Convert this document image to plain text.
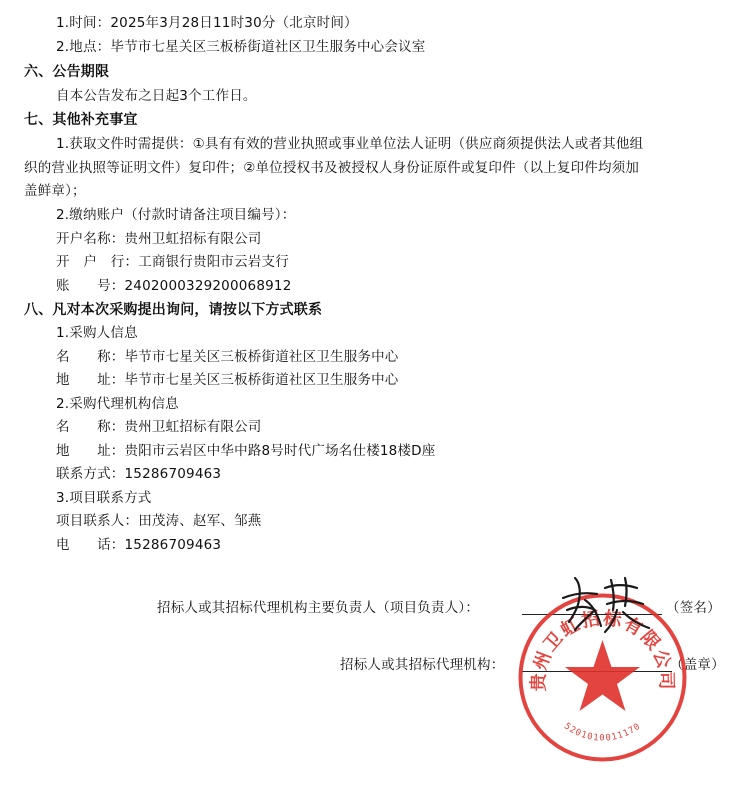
1.时间：2025年3月28日11时30分（北京时间）
2.地点：毕节市七星关区三板桥街道社区卫生服务中心会议室
六、公告期限
自本公告发布之日起3个工作日。
七、其他补充事宜
1.获取文件时需提供：①具有有效的营业执照或事业单位法人证明（供应商须提供法人或者其他组
织的营业执照等证明文件）复印件；②单位授权书及被授权人身份证原件或复印件（以上复印件均须加
盖鲜章）；
2.缴纳账户（付款时请备注项目编号）：
开户名称：贵州卫虹招标有限公司
开　户　行：工商银行贵阳市云岩支行
账　　号：2402000329200068912
八、凡对本次采购提出询问，请按以下方式联系
1.采购人信息
名　　称：毕节市七星关区三板桥街道社区卫生服务中心
地　　址：毕节市七星关区三板桥街道社区卫生服务中心
2.采购代理机构信息
名　　称：贵州卫虹招标有限公司
地　　址：贵阳市云岩区中华中路8号时代广场名仕楼18楼D座
联系方式：15286709463
3.项目联系方式
项目联系人：田茂涛、赵军、邹燕
电　　话：15286709463
招标人或其招标代理机构主要负责人（项目负责人）：	（签名）
招标人或其招标代理机构：	（盖章）
贵州卫虹招标有限公司
5201010011170
